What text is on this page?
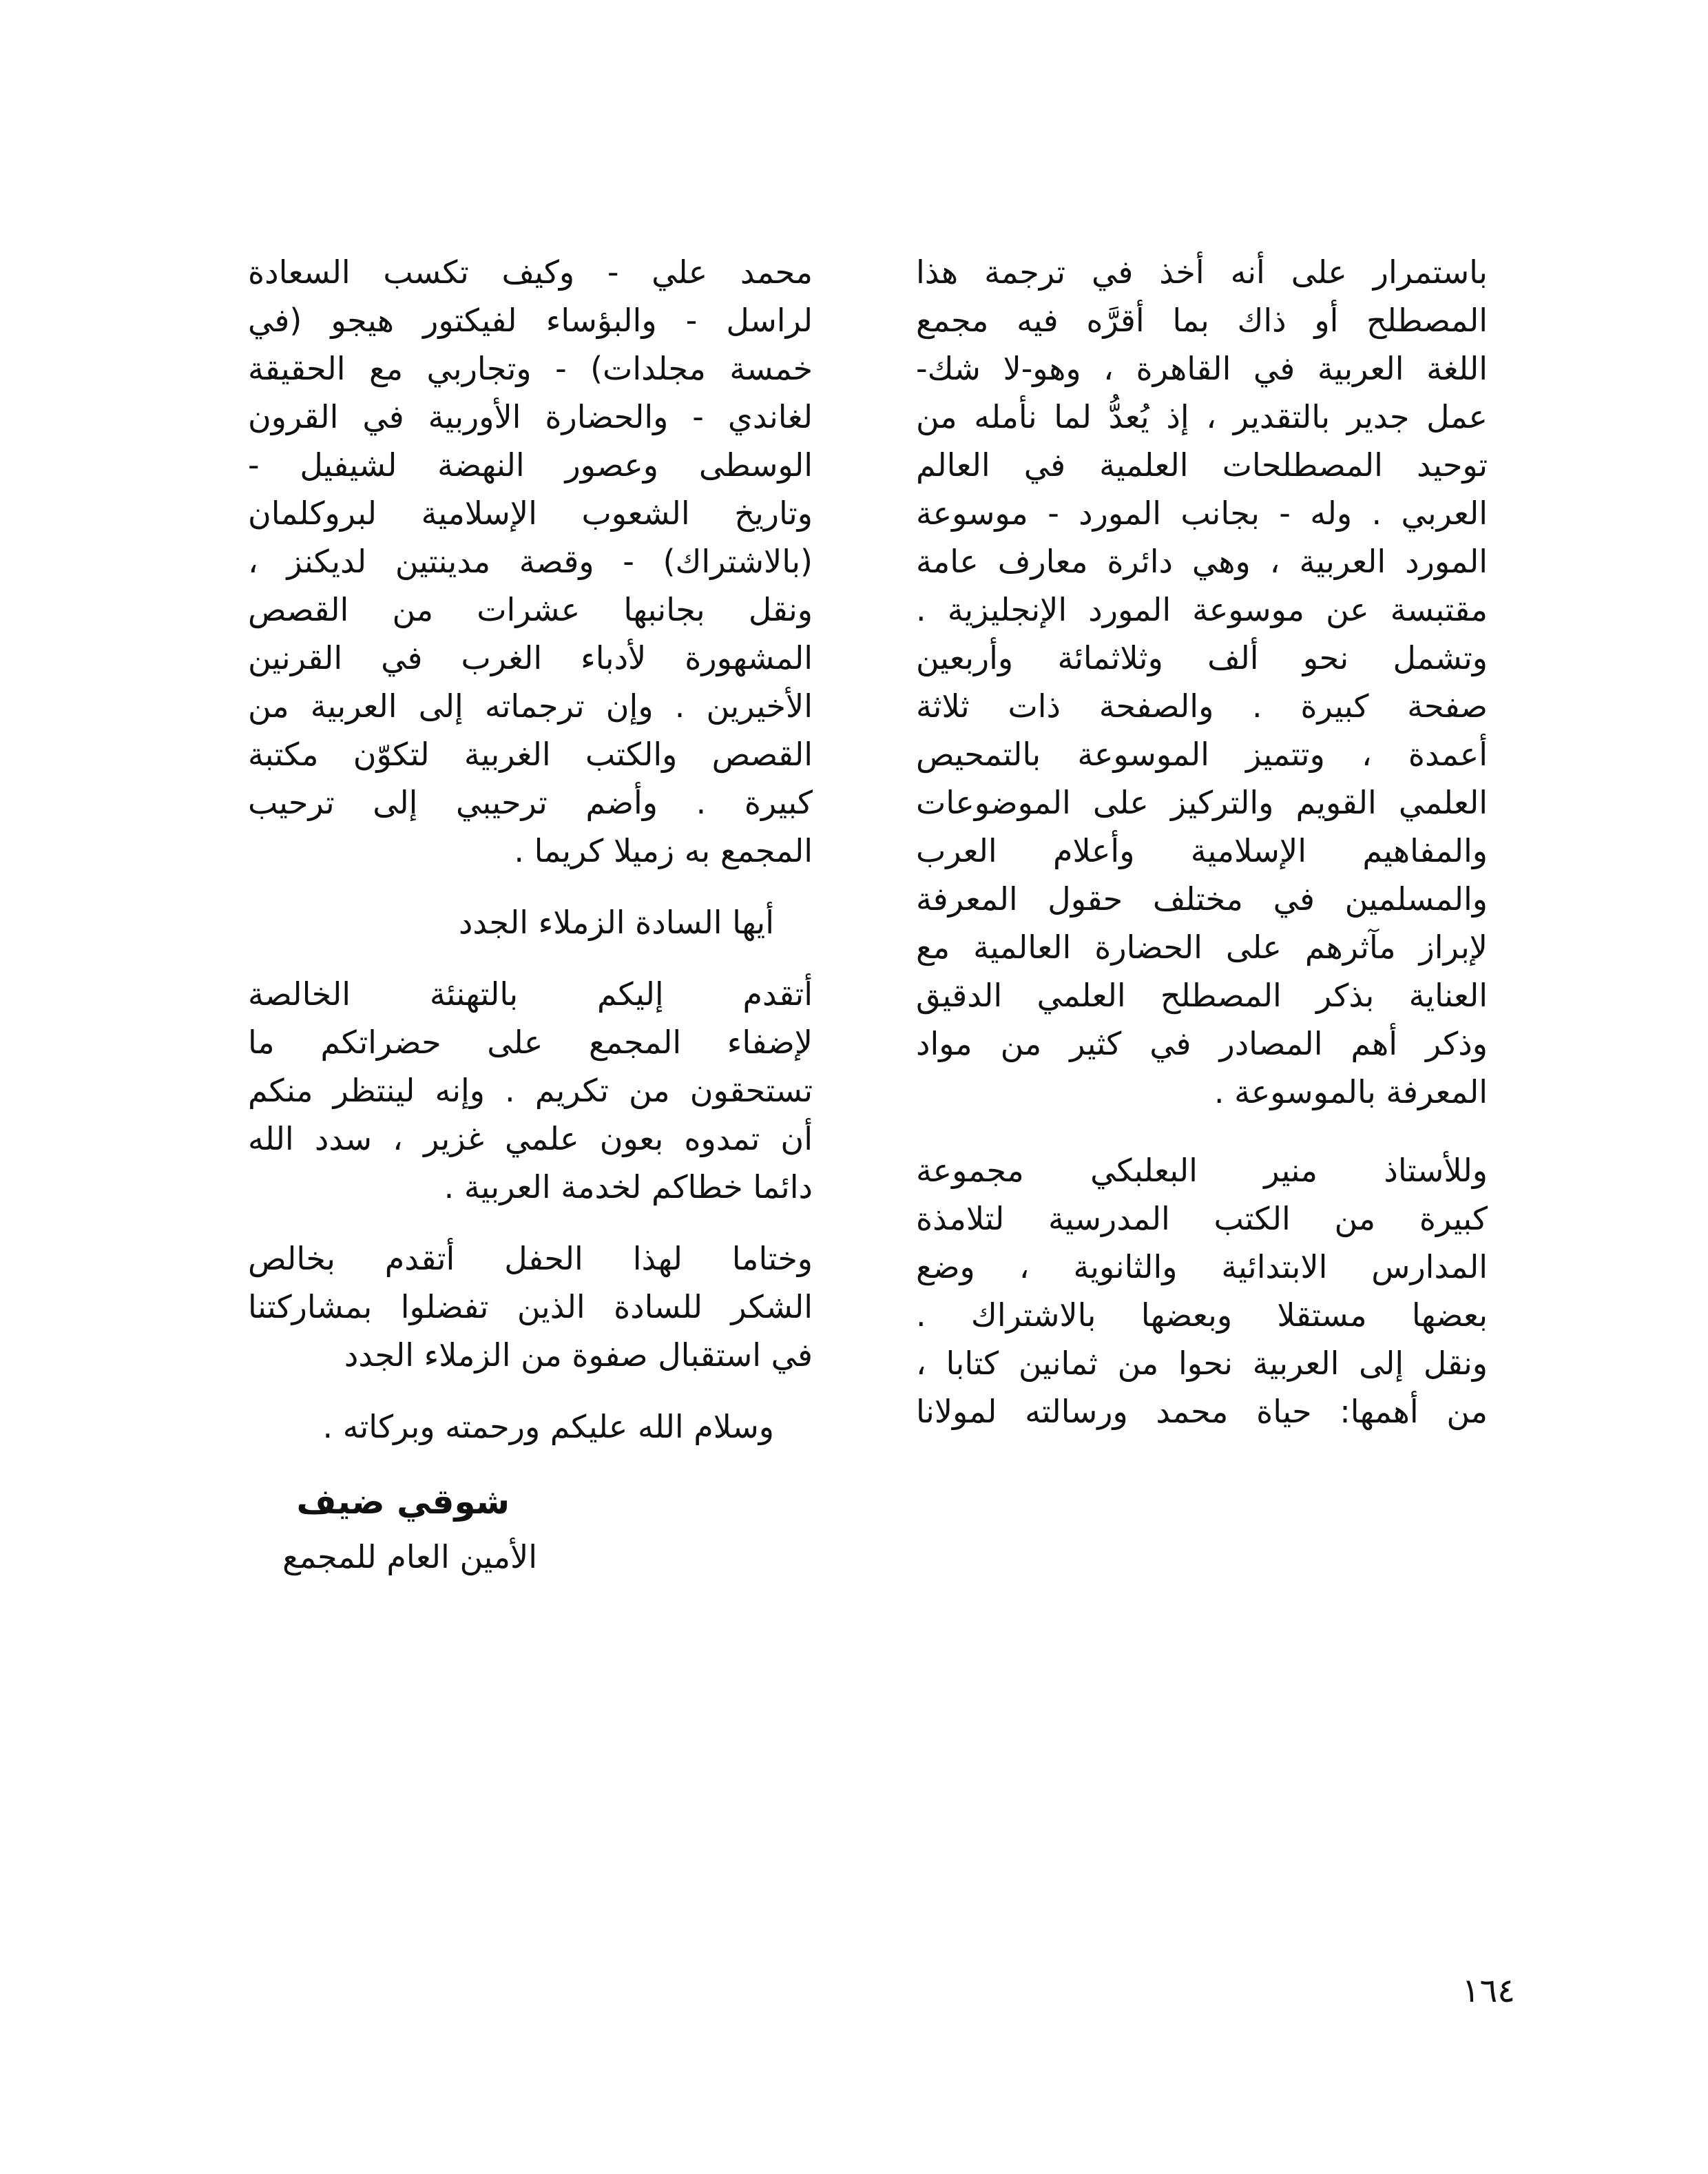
باستمرار على أنه أخذ في ترجمة هذا
المصطلح أو ذاك بما أقرَّه فيه مجمع
اللغة العربية في القاهرة ، وهو-لا شك-
عمل جدير بالتقدير ، إذ يُعدُّ لما نأمله من
توحيد المصطلحات العلمية في العالم
العربي . وله - بجانب المورد - موسوعة
المورد العربية ، وهي دائرة معارف عامة
مقتبسة عن موسوعة المورد الإنجليزية .
وتشمل نحو ألف وثلاثمائة وأربعين
صفحة كبيرة . والصفحة ذات ثلاثة
أعمدة ، وتتميز الموسوعة بالتمحيص
العلمي القويم والتركيز على الموضوعات
والمفاهيم الإسلامية وأعلام العرب
والمسلمين في مختلف حقول المعرفة
لإبراز مآثرهم على الحضارة العالمية مع
العناية بذكر المصطلح العلمي الدقيق
وذكر أهم المصادر في كثير من مواد
المعرفة بالموسوعة .
وللأستاذ منير البعلبكي مجموعة
كبيرة من الكتب المدرسية لتلامذة
المدارس الابتدائية والثانوية ، وضع
بعضها مستقلا وبعضها بالاشتراك .
ونقل إلى العربية نحوا من ثمانين كتابا ،
من أهمها: حياة محمد ورسالته لمولانا
محمد علي - وكيف تكسب السعادة
لراسل - والبؤساء لفيكتور هيجو (في
خمسة مجلدات) - وتجاربي مع الحقيقة
لغاندي - والحضارة الأوربية في القرون
الوسطى وعصور النهضة لشيفيل -
وتاريخ الشعوب الإسلامية لبروكلمان
(بالاشتراك) - وقصة مدينتين لديكنز ،
ونقل بجانبها عشرات من القصص
المشهورة لأدباء الغرب في القرنين
الأخيرين . وإن ترجماته إلى العربية من
القصص والكتب الغربية لتكوّن مكتبة
كبيرة . وأضم ترحيبي إلى ترحيب
المجمع به زميلا كريما .
أيها السادة الزملاء الجدد
أتقدم إليكم بالتهنئة الخالصة
لإضفاء المجمع على حضراتكم ما
تستحقون من تكريم . وإنه لينتظر منكم
أن تمدوه بعون علمي غزير ، سدد الله
دائما خطاكم لخدمة العربية .
وختاما لهذا الحفل أتقدم بخالص
الشكر للسادة الذين تفضلوا بمشاركتنا
في استقبال صفوة من الزملاء الجدد
وسلام الله عليكم ورحمته وبركاته .
شوقي ضيف
الأمين العام للمجمع
١٦٤
